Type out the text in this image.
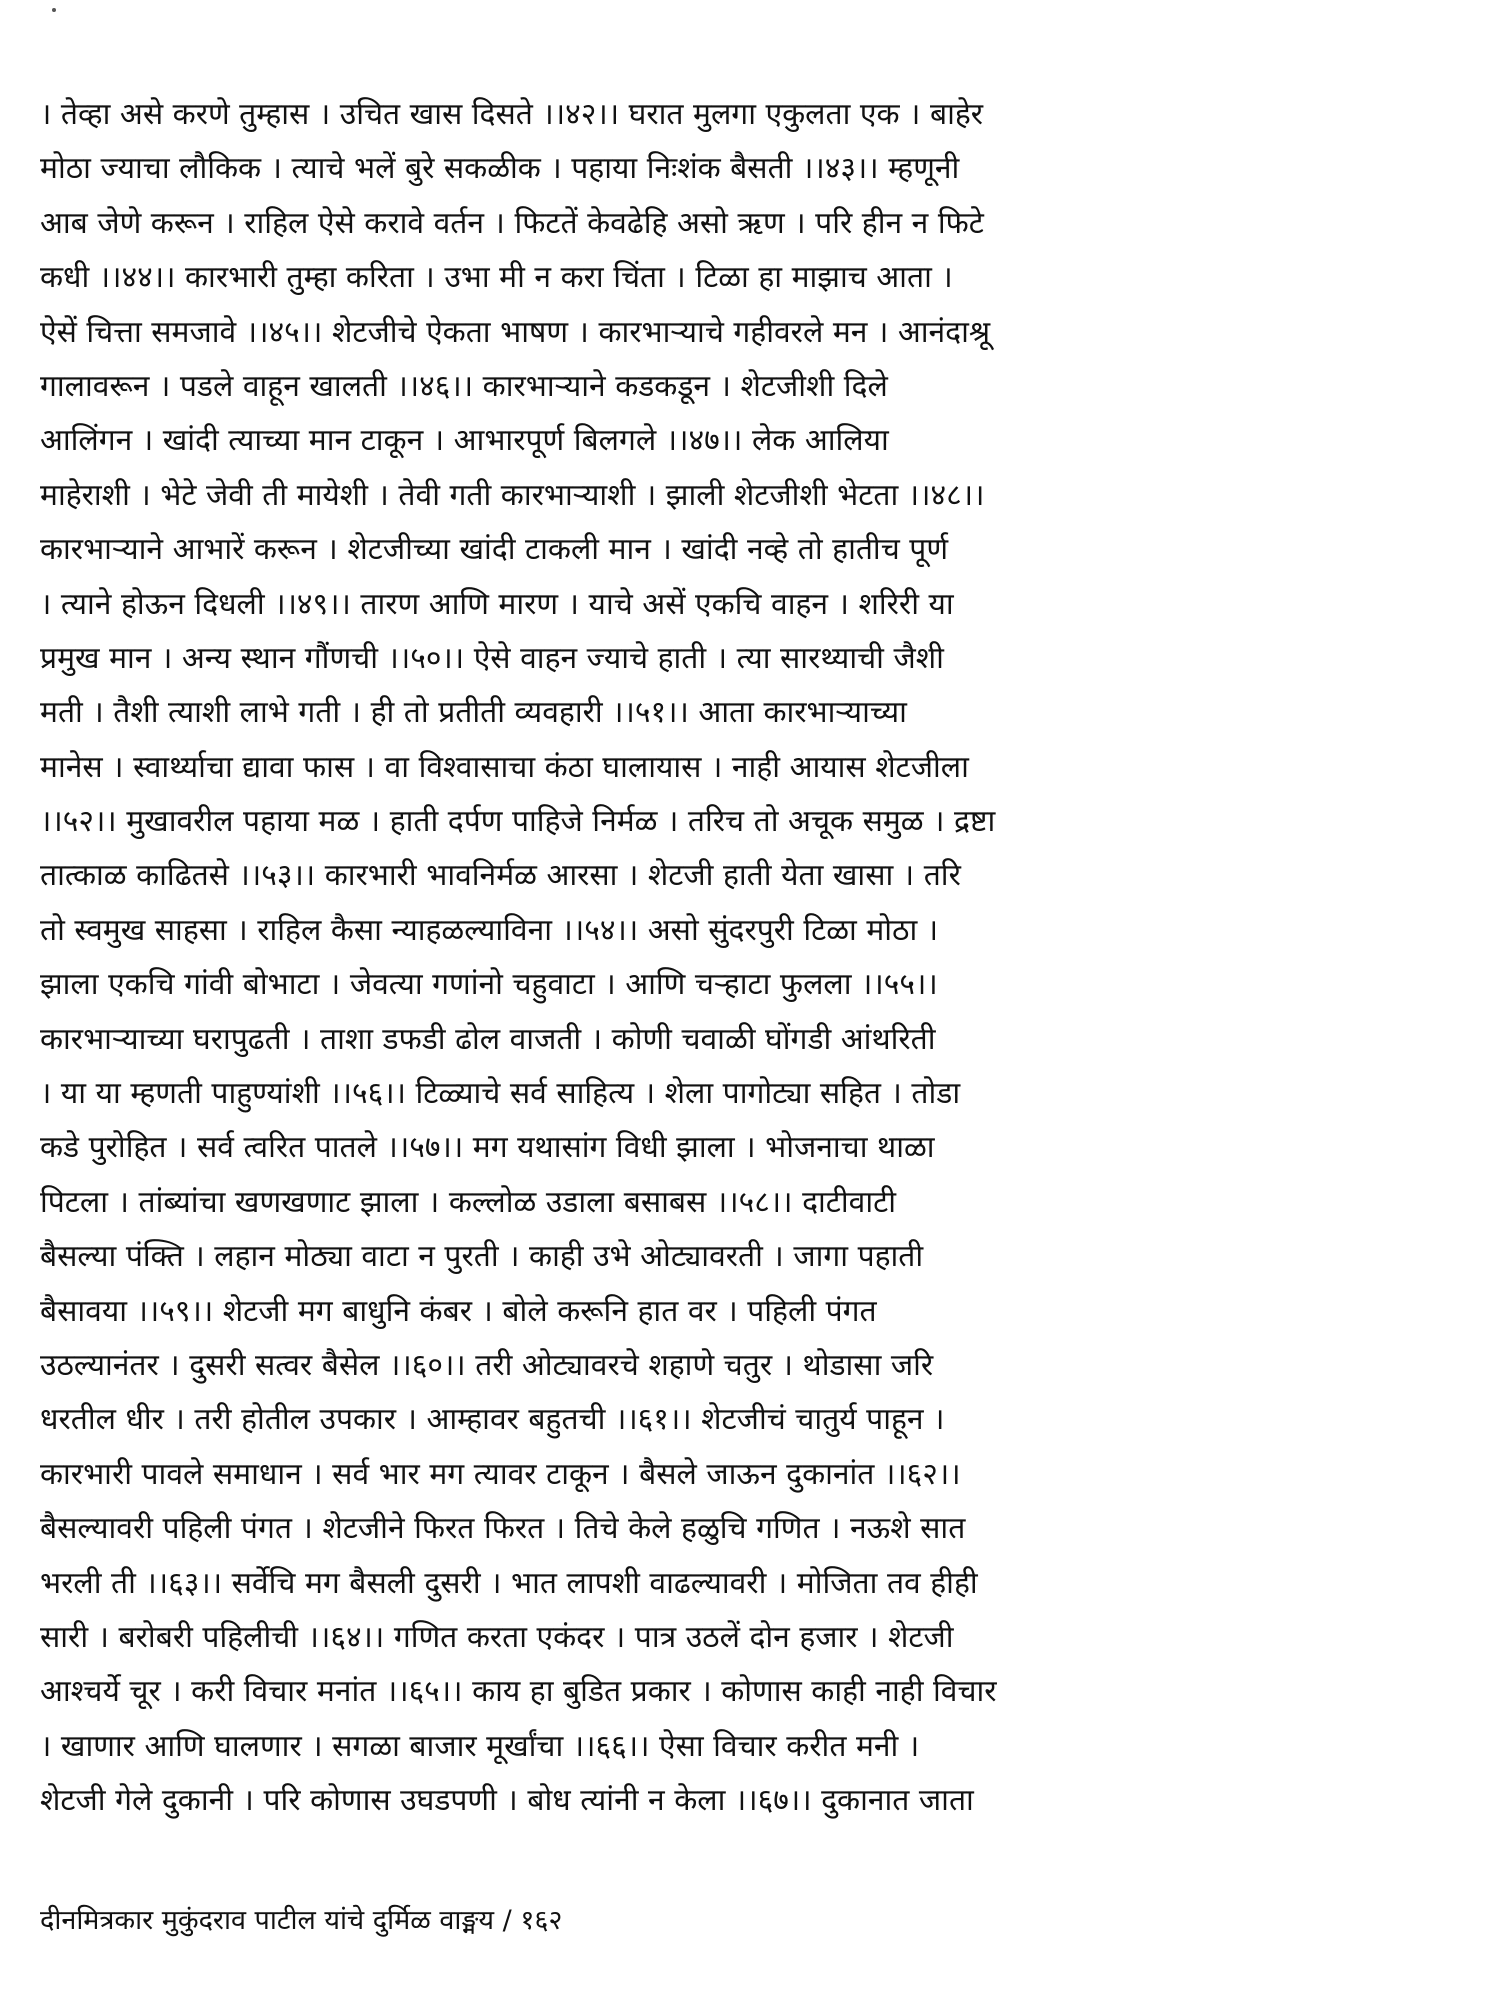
। तेव्हा असे करणे तुम्हास । उचित खास दिसते ।।४२।। घरात मुलगा एकुलता एक । बाहेर
मोठा ज्याचा लौकिक । त्याचे भलें बुरे सकळीक । पहाया निःशंक बैसती ।।४३।। म्हणूनी
आब जेणे करून । राहिल ऐसे करावे वर्तन । फिटतें केवढेहि असो ऋण । परि हीन न फिटे
कधी ।।४४।। कारभारी तुम्हा करिता । उभा मी न करा चिंता । टिळा हा माझाच आता ।
ऐसें चित्ता समजावे ।।४५।। शेटजीचे ऐकता भाषण । कारभाऱ्याचे गहीवरले मन । आनंदाश्रू
गालावरून । पडले वाहून खालती ।।४६।। कारभाऱ्याने कडकडून । शेटजीशी दिले
आलिंगन । खांदी त्याच्या मान टाकून । आभारपूर्ण बिलगले ।।४७।। लेक आलिया
माहेराशी । भेटे जेवी ती मायेशी । तेवी गती कारभाऱ्याशी । झाली शेटजीशी भेटता ।।४८।।
कारभाऱ्याने आभारें करून । शेटजीच्या खांदी टाकली मान । खांदी नव्हे तो हातीच पूर्ण
। त्याने होऊन दिधली ।।४९।। तारण आणि मारण । याचे असें एकचि वाहन । शरिरी या
प्रमुख मान । अन्य स्थान गौंणची ।।५०।। ऐसे वाहन ज्याचे हाती । त्या सारथ्याची जैशी
मती । तैशी त्याशी लाभे गती । ही तो प्रतीती व्यवहारी ।।५१।। आता कारभाऱ्याच्या
मानेस । स्वार्थ्याचा द्यावा फास । वा विश्वासाचा कंठा घालायास । नाही आयास शेटजीला
।।५२।। मुखावरील पहाया मळ । हाती दर्पण पाहिजे निर्मळ । तरिच तो अचूक समुळ । द्रष्टा
तात्काळ काढितसे ।।५३।। कारभारी भावनिर्मळ आरसा । शेटजी हाती येता खासा । तरि
तो स्वमुख साहसा । राहिल कैसा न्याहळल्याविना ।।५४।। असो सुंदरपुरी टिळा मोठा ।
झाला एकचि गांवी बोभाटा । जेवत्या गणांनो चहुवाटा । आणि चऱ्हाटा फुलला ।।५५।।
कारभाऱ्याच्या घरापुढती । ताशा डफडी ढोल वाजती । कोणी चवाळी घोंगडी आंथरिती
। या या म्हणती पाहुण्यांशी ।।५६।। टिळ्याचे सर्व साहित्य । शेला पागोट्या सहित । तोडा
कडे पुरोहित । सर्व त्वरित पातले ।।५७।। मग यथासांग विधी झाला । भोजनाचा थाळा
पिटला । तांब्यांचा खणखणाट झाला । कल्लोळ उडाला बसाबस ।।५८।। दाटीवाटी
बैसल्या पंक्ति । लहान मोठ्या वाटा न पुरती । काही उभे ओट्यावरती । जागा पहाती
बैसावया ।।५९।। शेटजी मग बाधुनि कंबर । बोले करूनि हात वर । पहिली पंगत
उठल्यानंतर । दुसरी सत्वर बैसेल ।।६०।। तरी ओट्यावरचे शहाणे चतुर । थोडासा जरि
धरतील धीर । तरी होतील उपकार । आम्हावर बहुतची ।।६१।। शेटजीचं चातुर्य पाहून ।
कारभारी पावले समाधान । सर्व भार मग त्यावर टाकून । बैसले जाऊन दुकानांत ।।६२।।
बैसल्यावरी पहिली पंगत । शेटजीने फिरत फिरत । तिचे केले हळुचि गणित । नऊशे सात
भरली ती ।।६३।। सर्वेचि मग बैसली दुसरी । भात लापशी वाढल्यावरी । मोजिता तव हीही
सारी । बरोबरी पहिलीची ।।६४।। गणित करता एकंदर । पात्र उठलें दोन हजार । शेटजी
आश्चर्ये चूर । करी विचार मनांत ।।६५।। काय हा बुडित प्रकार । कोणास काही नाही विचार
। खाणार आणि घालणार । सगळा बाजार मूर्खांचा ।।६६।। ऐसा विचार करीत मनी ।
शेटजी गेले दुकानी । परि कोणास उघडपणी । बोध त्यांनी न केला ।।६७।। दुकानात जाता
दीनमित्रकार मुकुंदराव पाटील यांचे दुर्मिळ वाङ्मय / १६२
